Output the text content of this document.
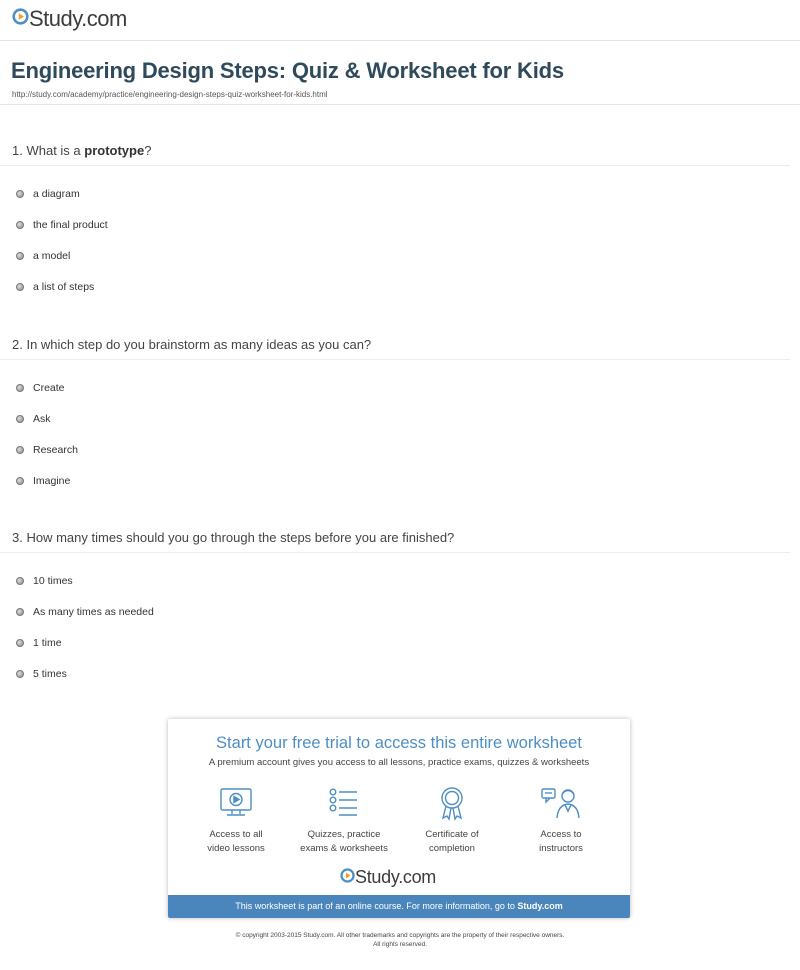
Study.com
Engineering Design Steps: Quiz & Worksheet for Kids
http://study.com/academy/practice/engineering-design-steps-quiz-worksheet-for-kids.html
1. What is a prototype?
a diagram
the final product
a model
a list of steps
2. In which step do you brainstorm as many ideas as you can?
Create
Ask
Research
Imagine
3. How many times should you go through the steps before you are finished?
10 times
As many times as needed
1 time
5 times
Start your free trial to access this entire worksheet
A premium account gives you access to all lessons, practice exams, quizzes & worksheets
Access to all
video lessons
Quizzes, practice
exams & worksheets
Certificate of
completion
Access to
instructors
Study.com
This worksheet is part of an online course. For more information, go to Study.com
© copyright 2003-2015 Study.com. All other trademarks and copyrights are the property of their respective owners.
All rights reserved.
